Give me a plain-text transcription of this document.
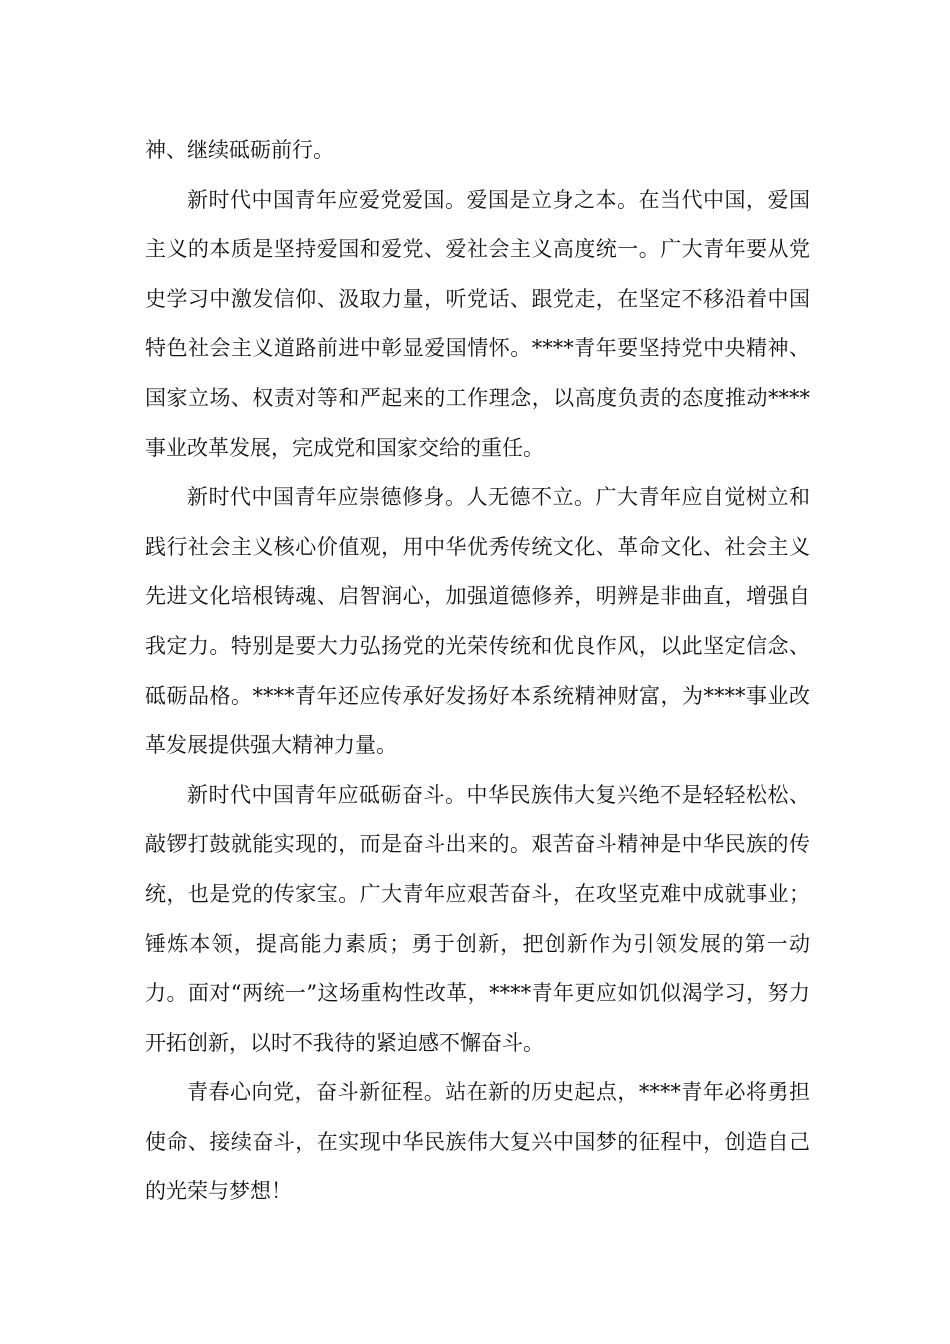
神、继续砥砺前行。

新时代中国青年应爱党爱国。爱国是立身之本。在当代中国，爱国主义的本质是坚持爱国和爱党、爱社会主义高度统一。广大青年要从党史学习中激发信仰、汲取力量，听党话、跟党走，在坚定不移沿着中国特色社会主义道路前进中彰显爱国情怀。****青年要坚持党中央精神、国家立场、权责对等和严起来的工作理念，以高度负责的态度推动****事业改革发展，完成党和国家交给的重任。

新时代中国青年应崇德修身。人无德不立。广大青年应自觉树立和践行社会主义核心价值观，用中华优秀传统文化、革命文化、社会主义先进文化培根铸魂、启智润心，加强道德修养，明辨是非曲直，增强自我定力。特别是要大力弘扬党的光荣传统和优良作风，以此坚定信念、砥砺品格。****青年还应传承好发扬好本系统精神财富，为****事业改革发展提供强大精神力量。

新时代中国青年应砥砺奋斗。中华民族伟大复兴绝不是轻轻松松、敲锣打鼓就能实现的，而是奋斗出来的。艰苦奋斗精神是中华民族的传统，也是党的传家宝。广大青年应艰苦奋斗，在攻坚克难中成就事业；锤炼本领，提高能力素质；勇于创新，把创新作为引领发展的第一动力。面对“两统一”这场重构性改革，****青年更应如饥似渴学习，努力开拓创新，以时不我待的紧迫感不懈奋斗。

青春心向党，奋斗新征程。站在新的历史起点，****青年必将勇担使命、接续奋斗，在实现中华民族伟大复兴中国梦的征程中，创造自己的光荣与梦想！
